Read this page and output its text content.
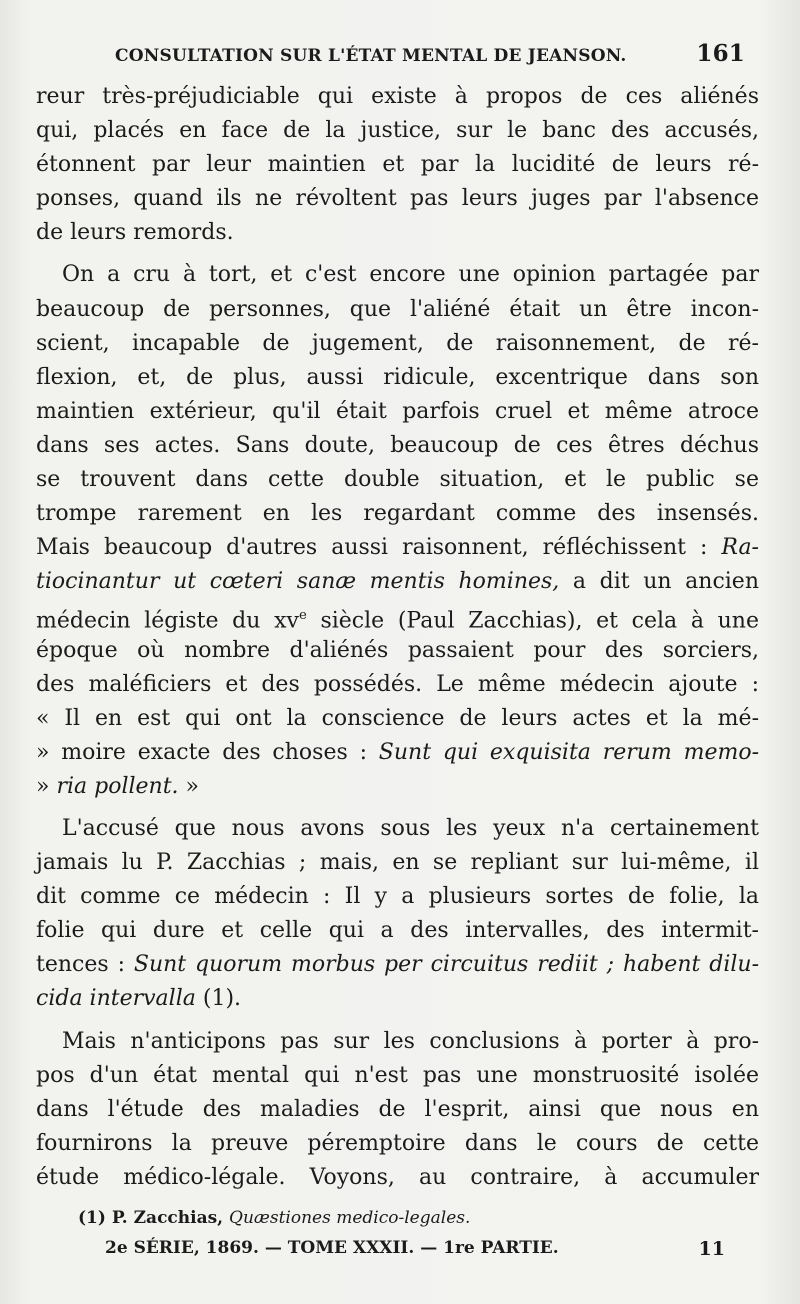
CONSULTATION SUR L'ÉTAT MENTAL DE JEANSON.	161
reur très-préjudiciable qui existe à propos de ces aliénés
qui, placés en face de la justice, sur le banc des accusés,
étonnent par leur maintien et par la lucidité de leurs ré-
ponses, quand ils ne révoltent pas leurs juges par l'absence
de leurs remords.
On a cru à tort, et c'est encore une opinion partagée par
beaucoup de personnes, que l'aliéné était un être incon-
scient, incapable de jugement, de raisonnement, de ré-
flexion, et, de plus, aussi ridicule, excentrique dans son
maintien extérieur, qu'il était parfois cruel et même atroce
dans ses actes. Sans doute, beaucoup de ces êtres déchus
se trouvent dans cette double situation, et le public se
trompe rarement en les regardant comme des insensés.
Mais beaucoup d'autres aussi raisonnent, réfléchissent : Ra-
tiocinantur ut cœteri sanæ mentis homines, a dit un ancien
médecin légiste du $xv^e$ siècle (Paul Zacchias), et cela à une
époque où nombre d'aliénés passaient pour des sorciers,
des maléficiers et des possédés. Le même médecin ajoute :
« Il en est qui ont la conscience de leurs actes et la mé-
» moire exacte des choses : Sunt qui exquisita rerum memo-
» ria pollent. »
L'accusé que nous avons sous les yeux n'a certainement
jamais lu P. Zacchias ; mais, en se repliant sur lui-même, il
dit comme ce médecin : Il y a plusieurs sortes de folie, la
folie qui dure et celle qui a des intervalles, des intermit-
tences : Sunt quorum morbus per circuitus rediit ; habent dilu-
cida intervalla (1).
Mais n'anticipons pas sur les conclusions à porter à pro-
pos d'un état mental qui n'est pas une monstruosité isolée
dans l'étude des maladies de l'esprit, ainsi que nous en
fournirons la preuve péremptoire dans le cours de cette
étude médico-légale. Voyons, au contraire, à accumuler
(1) P. Zacchias, Quæstiones medico-legales.
2e SÉRIE, 1869. — TOME XXXII. — 1re PARTIE.	11
